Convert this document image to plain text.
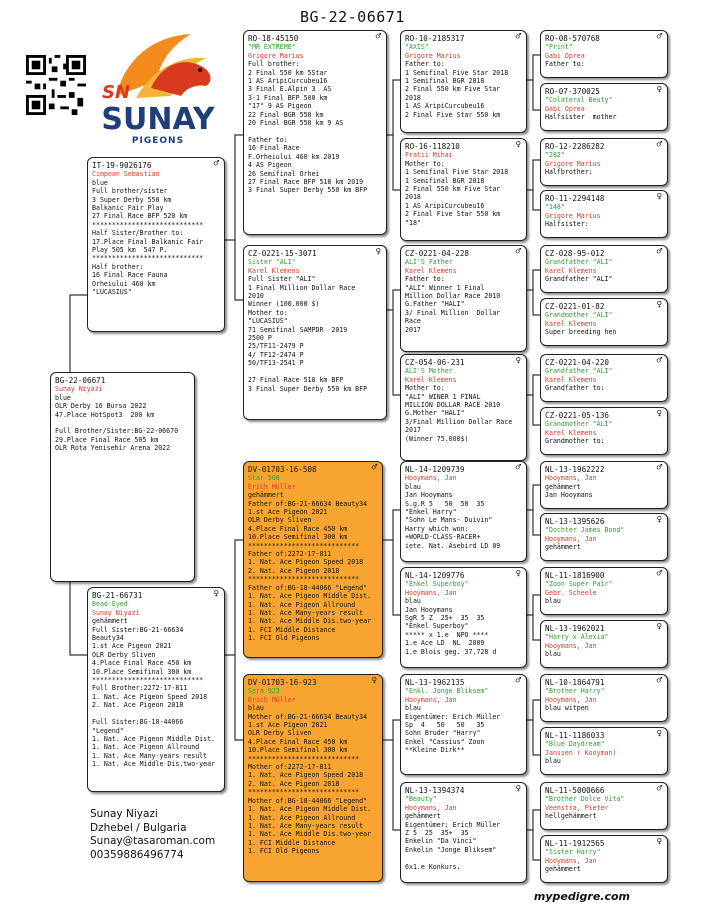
BG-22-06671
SN
SUNAY
PIGEONS
BG-22-06671
Sunay Niyazi
blue
OLR Derby 16 Bursa 2022
47.Place HotSpot3  200 km

Full Brother/Sister:BG-22-06670
29.Place Final Race 505 km
OLR Rota Yenisehir Arena 2022
♂
IT-19-9026176
Cimpean Sebastian
blue
Full brother/sister
3 Super Derby 550 km
Balkanic Fair Play
27 Final Race BFP 520 km
****************************
Half Sister/Brother to:
17.Place Final Balkanic Fair
Play 505 km  547 P.
****************************
Half brother:
16 Final Race Fauna
Orheiului 460 km
"LUCASIUS"
♀
BG-21-66731
Bead-Eyed
Sunay Niyazi
gehämmert
Full Sister:BG-21-66634
Beauty34
1.st Ace Pigeon 2021
OLR Derby Sliven
4.Place Final Race 450 km
10.Place Semifinal 300 km
****************************
Full Brother:2272-17-811
1. Nat. Ace Pigeon Speed 2018
2. Nat. Ace Pigeon 2018

Full Sister:BG-18-44066
"Legend"
1. Nat. Ace Pigeon Middle Dist.
1. Nat. Ace Pigeon Allround
1. Nat. Ace Many-years result
1. Nat. Ace Middle Dis.two-year
♂
RO-18-45150
"MR EXTREME"
Grigore Marius
Full brother:
2 Final 550 km 5Star
1 AS AripiCurcubeu16
3 Final E.Alpin 3  AS
3-1 Final BFP 500 km
"17" 9 AS Pigeon
22 Final BGR 550 km
20 Final BGR 550 km 9 AS

Father to:
16 Final Race
F.Orheiului 460 km 2019
4 AS Pigeon
26 Semifinal Orhei
27 Final Race BFP 518 km 2019
3 Final Super Derby 550 km BFP
♀
CZ-0221-15-3071
Sister "ALI"
Karel Klemens
Full Sister "ALI"
1 Final Million Dollar Race
2010
Winner (100.000 $)
Mother to:
"LUCASIUS"
71 Semifinal SAMPDR  2019
2500 P
25/TF11-2479 P
4/ TF12-2474 P
50/TF13-2541 P

27 Final Race 518 km BFP
3 Final Super Derby 550 km BFP
♂
DV-01703-16-508
Star 508
Erich Müller
gehämmert
Father of:BG-21-66634 Beauty34
1.st Ace Pigeon 2021
OLR Derby Sliven
4.Place Final Race 450 km
10.Place Semifinal 300 km
****************************
Father of:2272-17-811
1. Nat. Ace Pigeon Speed 2018
2. Nat. Ace Pigeon 2018
****************************
Father of:BG-18-44066 "Legend"
1. Nat. Ace Pigeon Middle Dist.
1. Nat. Ace Pigeon Allround
1. Nat. Ace Many-years result
1. Nat. Ace Middle Dis.two-year
1. FCI Middle Distance
1. FCI Old Pigeons
♀
DV-01703-16-923
Sera 923
Erich Müller
blau
Mother of:BG-21-66634 Beauty34
1.st Ace Pigeon 2021
OLR Derby Sliven
4.Place Final Race 450 km
10.Place Semifinal 300 km
****************************
Mother of:2272-17-811
1. Nat. Ace Pigeon Speed 2018
2. Nat. Ace Pigeon 2018
****************************
Mother of:BG-18-44066 "Legend"
1. Nat. Ace Pigeon Middle Dist.
1. Nat. Ace Pigeon Allround
1. Nat. Ace Many-years result
1. Nat. Ace Middle Dis.two-year
1. FCI Middle Distance
1. FCI Old Pigeons
♂
RO-10-2185317
"AXIS"
Grigore Marius
Father to:
1 Semifinal Five Star 2018
1 Semifinal BGR 2018
2 Final 550 km Five Star
2018
1 AS AripiCurcubeu16
2 Final Five Star 550 km
♀
RO-16-118210
Fratii Mihai
Mother to:
1 Semifinal Five Star 2018
1 Semifinal BGR 2018
2 Final 550 km Five Star
2018
1 AS AripiCurcubeu16
2 Final Five Star 550 km
"18"
♂
CZ-0221-04-228
ALI'S Father
Karel Klemens
Father to:
"ALI" Winner 1 Final
Million Dollar Race 2010
G.Father "HALI"
3/ Final Million  Dollar
Race
2017
♀
CZ-054-06-231
ALI'S Mother
Karel Klemens
Mother to:
"ALI" WINER 1 FINAL
MILLION DOLLAR RACE 2010
G.Mother "HALI"
3/Final Million Dollar Race
2017
(Winner 75.000$)
♂
NL-14-1209739
Hooymans, Jan
blau
Jan Hooymans
S.g.R 5   50  50  35
"Enkel Harry"
"Sohn Le Mans- Duivin"
Harry which won:
+WORLD-CLASS-RACER+
iete. Nat. Asebird LD 09
♀
NL-14-1209776
"Enkel Superboy"
Hooymans, Jan
blau
Jan Hooymans
SgR 5 Z  25+  35  35
"Enkel Superboy"
***** x 1.e  NPO ****
1.e Ace LD  NL  2009
1.e Blois geg. 37.728 d
♂
NL-13-1962135
"Enkl. Jonge Bliksem"
Hooymans, Jan
blau
Eigentümer: Erich Müller
Sp  4   50   50   35
Sohn Bruder "Harry"
Enkel "Cassius" Zoon
**Kleine Dirk**
♀
NL-13-1394374
"Beauty"
Hooymans, Jan
gehämmert
Eigentümer: Erich Müller
Z 5  25  35+  35
Enkelin "Da Vinci"
Enkelin "Jonge Bliksem"

6x1.e Konkurs.
♂
RO-08-570768
"Print"
Gabi Oprea
Father to:
♀
RO-07-370025
"Colateral Beuty"
Gabi Oprea
Halfsister  mother
♂
RO-12-2286282
"282"
Grigore Marius
Halfbrother:
♀
RO-11-2294148
"148"
Grigore Marius
Halfsister:
♂
CZ-028-95-012
Grandfather "ALI"
Karel Klemens
Grandfather "ALI"
♀
CZ-0221-01-82
Grandmother "ALI"
Karel Klemens
Super breeding hen
♂
CZ-0221-04-220
Grandfather "ALI"
Karel Klemens
Grandfather to:
♀
CZ-0221-05-136
Grandmother "ALI"
Karel Klemens
Grandmother to:
♂
NL-13-1962222
Hooymans, Jan
gehämmert
Jan Hooymans
♀
NL-13-1395626
"Dochter James Bond"
Hooymans, Jan
gehämmert
♂
NL-11-1816900
"Zoon Super Pair"
Gebr. Scheele
blau
♀
NL-13-1962021
"Harry x Alexia"
Hooymans, Jan
blau
♂
NL-10-1864791
"Brother Harry"
Hooymans, Jan
blau witpen
♀
NL-11-1186033
"Blue Daydream"
Janssen ( Kooyman)
blau
♂
NL-11-5000666
"Brother Dolce Vita"
Veenstra, Pieter
hellgehämmert
♀
NL-11-1912565
"Sister Harry"
Hooymans, Jan
gehämmert
Sunay Niyazi
Dzhebel / Bulgaria
Sunay@tasaroman.com
00359886496774
mypedigre.com
